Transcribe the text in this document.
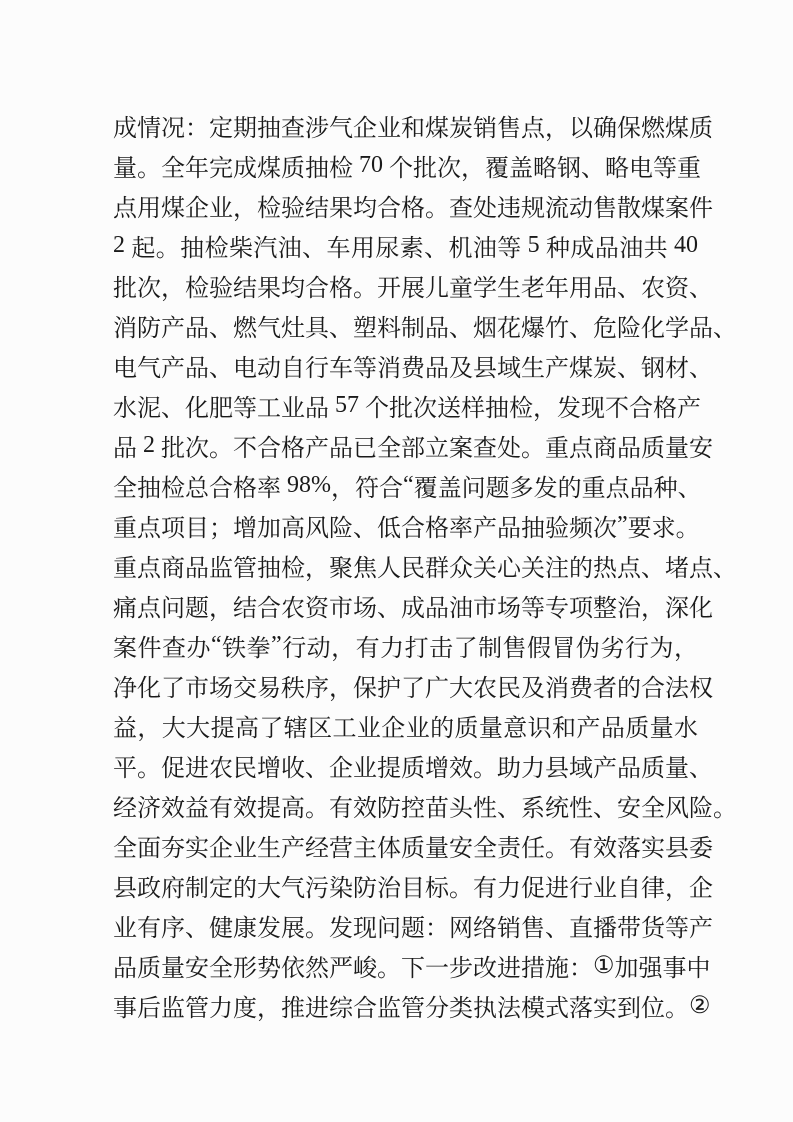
成 情 况 ： 定 期 抽 查 涉 气 企 业 和 煤 炭 销 售 点 ， 以 确 保 燃 煤 质
量 。 全 年 完 成 煤 质 抽 检 70 个 批 次 ， 覆 盖 略 钢 、 略 电 等 重
点 用 煤 企 业 ， 检 验 结 果 均 合 格 。 查 处 违 规 流 动 售 散 煤 案 件
2 起 。 抽 检 柴 汽 油 、 车 用 尿 素 、 机 油 等 5 种 成 品 油 共 40
批 次 ， 检 验 结 果 均 合 格 。 开 展 儿 童 学 生 老 年 用 品 、 农 资 、
消 防 产 品 、 燃 气 灶 具 、 塑 料 制 品 、 烟 花 爆 竹 、 危 险 化 学 品 、
电 气 产 品 、 电 动 自 行 车 等 消 费 品 及 县 域 生 产 煤 炭 、 钢 材 、
水 泥 、 化 肥 等 工 业 品 57 个 批 次 送 样 抽 检 ， 发 现 不 合 格 产
品 2 批 次 。 不 合 格 产 品 已 全 部 立 案 查 处 。 重 点 商 品 质 量 安
全 抽 检 总 合 格 率 98% ， 符 合 “ 覆 盖 问 题 多 发 的 重 点 品 种 、
重 点 项 目 ； 增 加 高 风 险 、 低 合 格 率 产 品 抽 验 频 次 ” 要 求 。
重 点 商 品 监 管 抽 检 ， 聚 焦 人 民 群 众 关 心 关 注 的 热 点 、 堵 点 、
痛 点 问 题 ， 结 合 农 资 市 场 、 成 品 油 市 场 等 专 项 整 治 ， 深 化
案 件 查 办 “ 铁 拳 ” 行 动 ， 有 力 打 击 了 制 售 假 冒 伪 劣 行 为 ，
净 化 了 市 场 交 易 秩 序 ， 保 护 了 广 大 农 民 及 消 费 者 的 合 法 权
益 ， 大 大 提 高 了 辖 区 工 业 企 业 的 质 量 意 识 和 产 品 质 量 水
平 。 促 进 农 民 增 收 、 企 业 提 质 增 效 。 助 力 县 域 产 品 质 量 、
经 济 效 益 有 效 提 高 。 有 效 防 控 苗 头 性 、 系 统 性 、 安 全 风 险 。
全 面 夯 实 企 业 生 产 经 营 主 体 质 量 安 全 责 任 。 有 效 落 实 县 委
县 政 府 制 定 的 大 气 污 染 防 治 目 标 。 有 力 促 进 行 业 自 律 ， 企
业 有 序 、 健 康 发 展 。 发 现 问 题 ： 网 络 销 售 、 直 播 带 货 等 产
品 质 量 安 全 形 势 依 然 严 峻 。 下 一 步 改 进 措 施 ： ① 加 强 事 中
事 后 监 管 力 度 ， 推 进 综 合 监 管 分 类 执 法 模 式 落 实 到 位 。 ②
